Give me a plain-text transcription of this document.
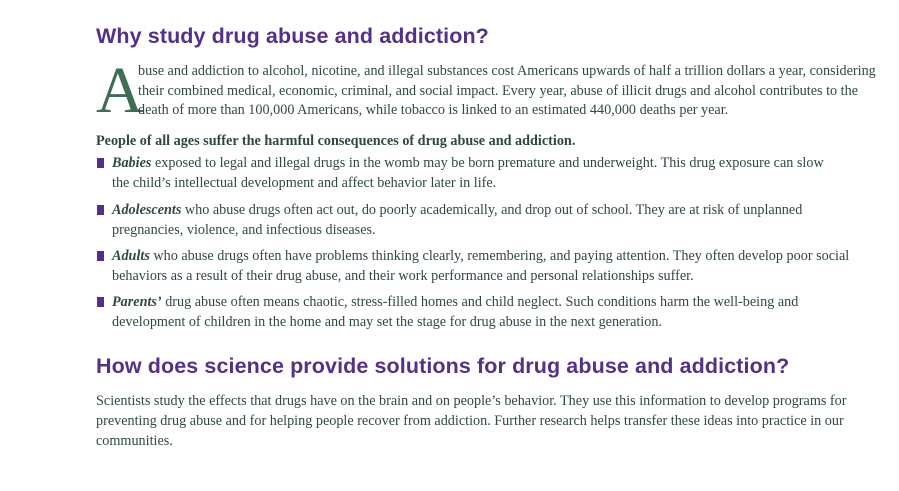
Why study drug abuse and addiction?
A
buse and addiction to alcohol, nicotine, and illegal substances cost Americans upwards of half a trillion dollars a year, considering
their combined medical, economic, criminal, and social impact. Every year, abuse of illicit drugs and alcohol contributes to the
death of more than 100,000 Americans, while tobacco is linked to an estimated 440,000 deaths per year.
People of all ages suffer the harmful consequences of drug abuse and addiction.
Babies exposed to legal and illegal drugs in the womb may be born premature and underweight. This drug exposure can slow
the child’s intellectual development and affect behavior later in life.
Adolescents who abuse drugs often act out, do poorly academically, and drop out of school. They are at risk of unplanned
pregnancies, violence, and infectious diseases.
Adults who abuse drugs often have problems thinking clearly, remembering, and paying attention. They often develop poor social
behaviors as a result of their drug abuse, and their work performance and personal relationships suffer.
Parents’ drug abuse often means chaotic, stress-filled homes and child neglect. Such conditions harm the well-being and
development of children in the home and may set the stage for drug abuse in the next generation.
How does science provide solutions for drug abuse and addiction?
Scientists study the effects that drugs have on the brain and on people’s behavior. They use this information to develop programs for
preventing drug abuse and for helping people recover from addiction. Further research helps transfer these ideas into practice in our
communities.
